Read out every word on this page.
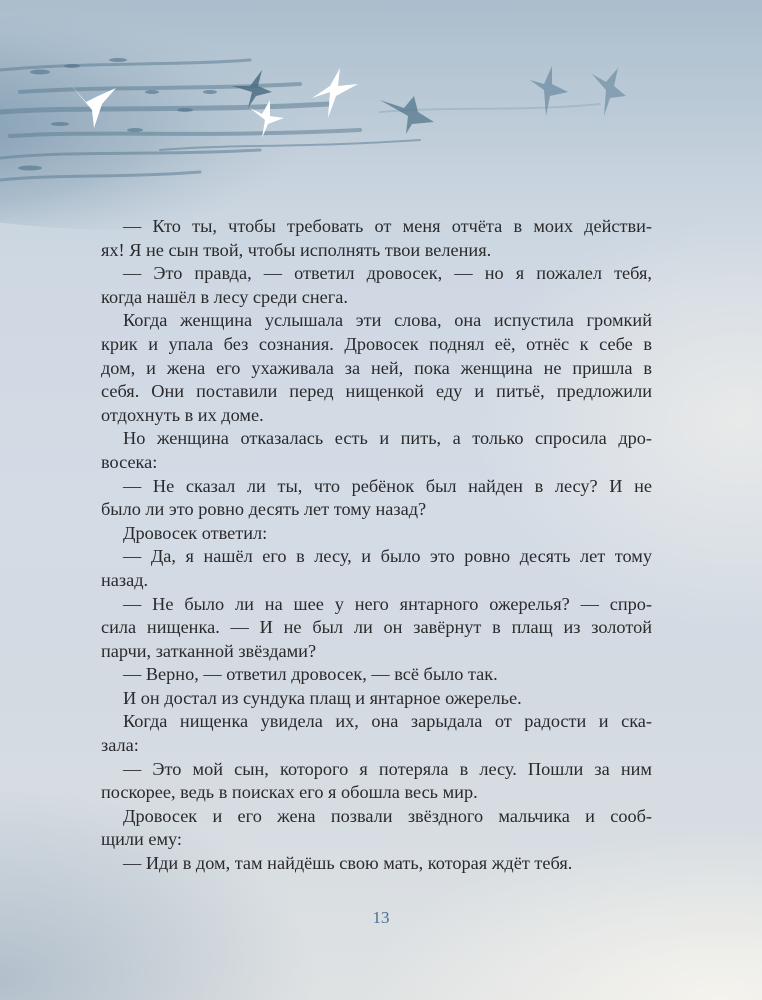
— Кто ты, чтобы требовать от меня отчёта в моих действи-
ях! Я не сын твой, чтобы исполнять твои веления.

— Это правда, — ответил дровосек, — но я пожалел тебя,
когда нашёл в лесу среди снега.

Когда женщина услышала эти слова, она испустила громкий
крик и упала без сознания. Дровосек поднял её, отнёс к себе в
дом, и жена его ухаживала за ней, пока женщина не пришла в
себя. Они поставили перед нищенкой еду и питьё, предложили
отдохнуть в их доме.

Но женщина отказалась есть и пить, а только спросила дро-
восека:

— Не сказал ли ты, что ребёнок был найден в лесу? И не
было ли это ровно десять лет тому назад?

Дровосек ответил:

— Да, я нашёл его в лесу, и было это ровно десять лет тому
назад.

— Не было ли на шее у него янтарного ожерелья? — спро-
сила нищенка. — И не был ли он завёрнут в плащ из золотой
парчи, затканной звёздами?

— Верно, — ответил дровосек, — всё было так.

И он достал из сундука плащ и янтарное ожерелье.

Когда нищенка увидела их, она зарыдала от радости и ска-
зала:

— Это мой сын, которого я потеряла в лесу. Пошли за ним
поскорее, ведь в поисках его я обошла весь мир.

Дровосек и его жена позвали звёздного мальчика и сооб-
щили ему:

— Иди в дом, там найдёшь свою мать, которая ждёт тебя.

13
